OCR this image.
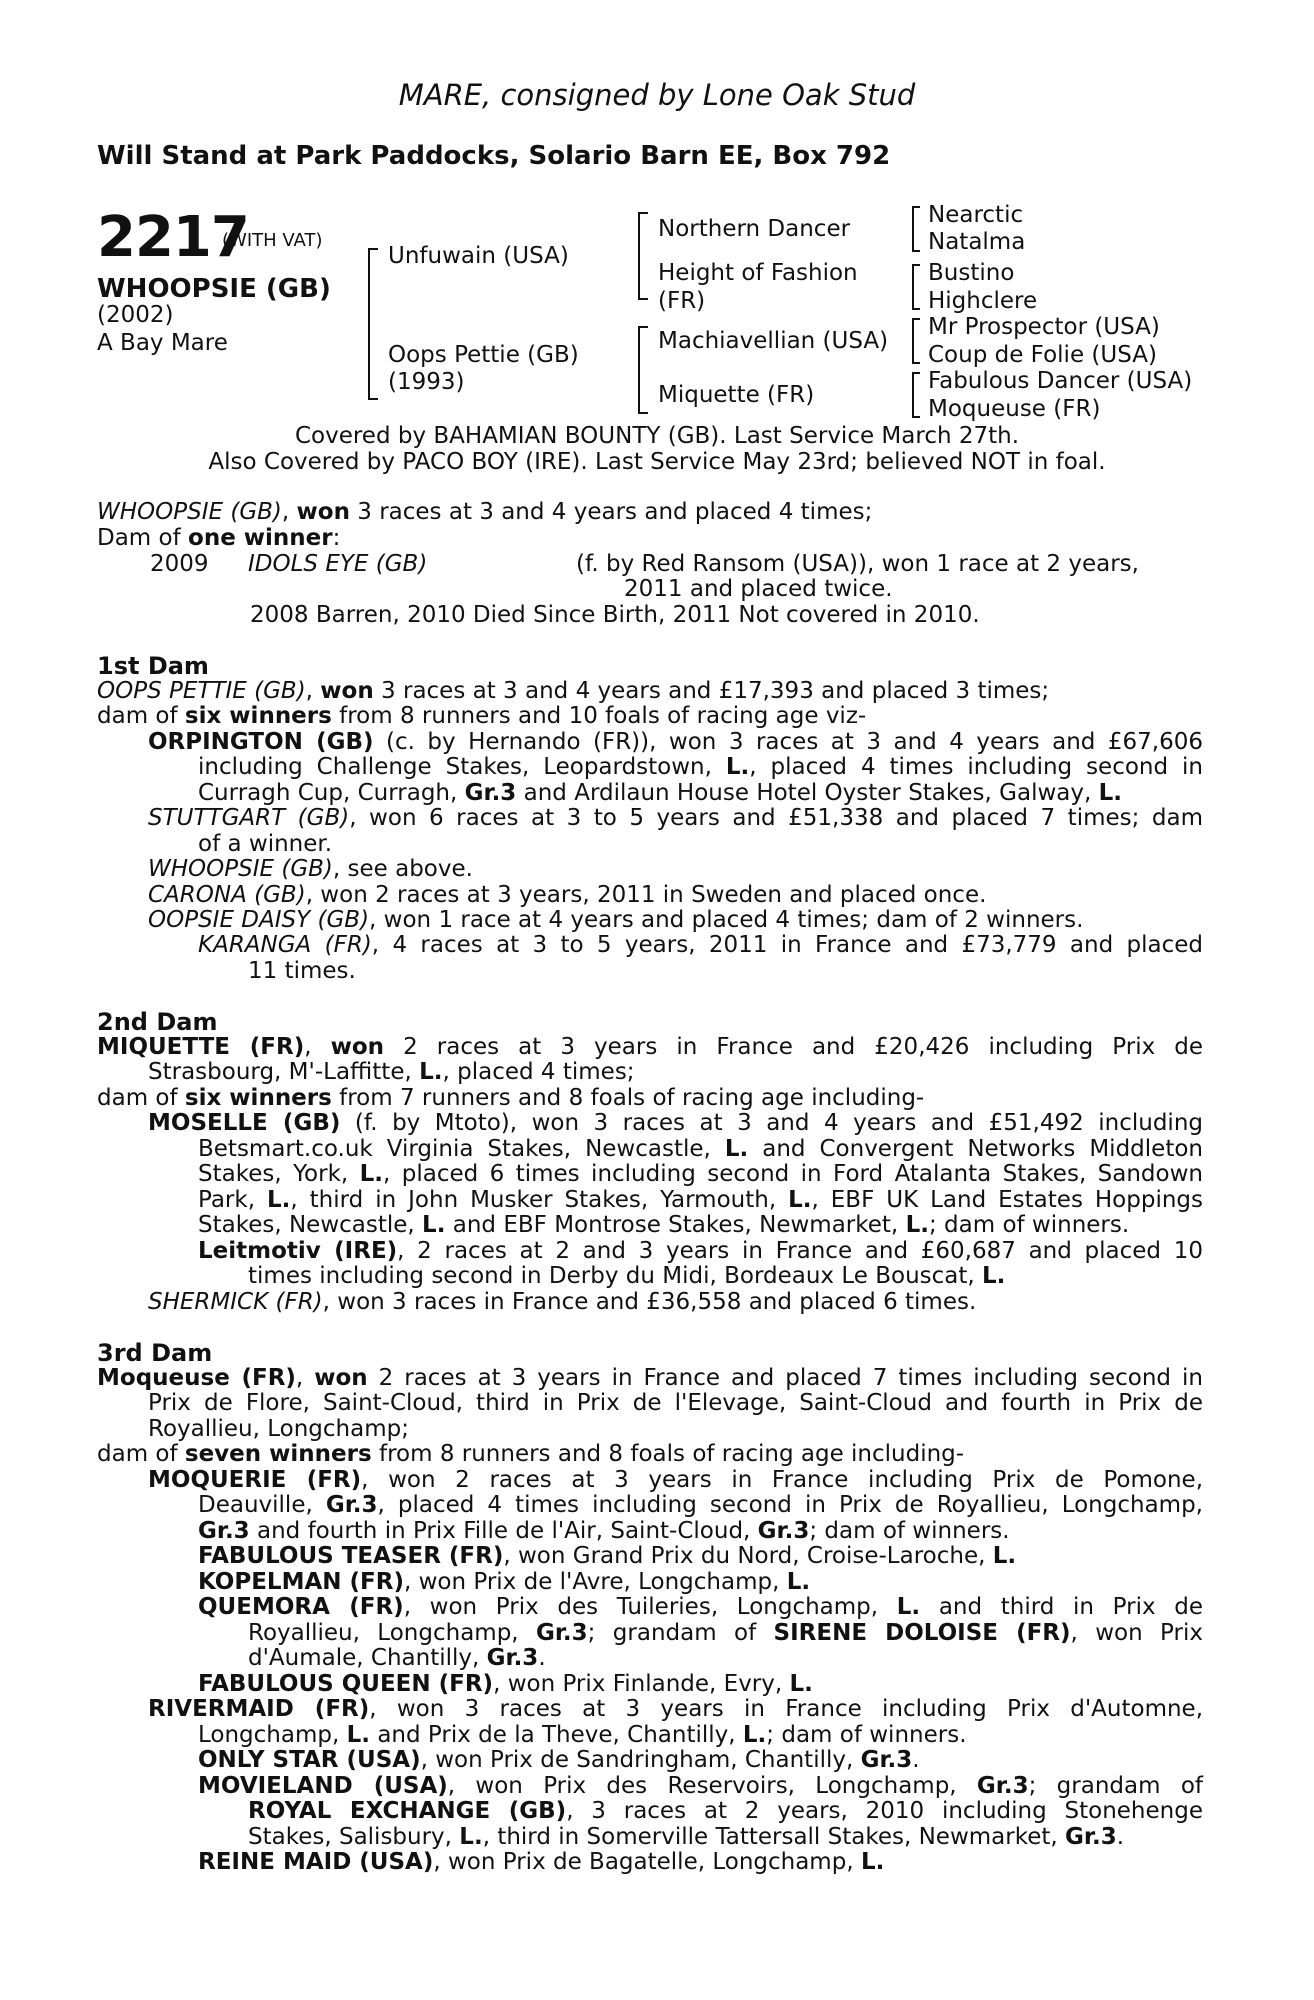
MARE, consigned by Lone Oak Stud
Will Stand at Park Paddocks, Solario Barn EE, Box 792
2217
(WITH VAT)
WHOOPSIE (GB)
(2002)
A Bay Mare
Unfuwain (USA)
Oops Pettie (GB)
(1993)
Northern Dancer
Height of Fashion
(FR)
Machiavellian (USA)
Miquette (FR)
Nearctic
Natalma
Bustino
Highclere
Mr Prospector (USA)
Coup de Folie (USA)
Fabulous Dancer (USA)
Moqueuse (FR)
Covered by BAHAMIAN BOUNTY (GB). Last Service March 27th.
Also Covered by PACO BOY (IRE). Last Service May 23rd; believed NOT in foal.
WHOOPSIE (GB), won 3 races at 3 and 4 years and placed 4 times;
Dam of one winner:
2009 IDOLS EYE (GB)	(f. by Red Ransom (USA)), won 1 race at 2 years,
2011 and placed twice.
2008 Barren, 2010 Died Since Birth, 2011 Not covered in 2010.
1st Dam
OOPS PETTIE (GB), won 3 races at 3 and 4 years and £17,393 and placed 3 times;
dam of six winners from 8 runners and 10 foals of racing age viz-
ORPINGTON (GB) (c. by Hernando (FR)), won 3 races at 3 and 4 years and £67,606
including Challenge Stakes, Leopardstown, L., placed 4 times including second in
Curragh Cup, Curragh, Gr.3 and Ardilaun House Hotel Oyster Stakes, Galway, L.
STUTTGART (GB), won 6 races at 3 to 5 years and £51,338 and placed 7 times; dam
of a winner.
WHOOPSIE (GB), see above.
CARONA (GB), won 2 races at 3 years, 2011 in Sweden and placed once.
OOPSIE DAISY (GB), won 1 race at 4 years and placed 4 times; dam of 2 winners.
KARANGA (FR), 4 races at 3 to 5 years, 2011 in France and £73,779 and placed
11 times.
2nd Dam
MIQUETTE (FR), won 2 races at 3 years in France and £20,426 including Prix de
Strasbourg, M'-Laffitte, L., placed 4 times;
dam of six winners from 7 runners and 8 foals of racing age including-
MOSELLE (GB) (f. by Mtoto), won 3 races at 3 and 4 years and £51,492 including
Betsmart.co.uk Virginia Stakes, Newcastle, L. and Convergent Networks Middleton
Stakes, York, L., placed 6 times including second in Ford Atalanta Stakes, Sandown
Park, L., third in John Musker Stakes, Yarmouth, L., EBF UK Land Estates Hoppings
Stakes, Newcastle, L. and EBF Montrose Stakes, Newmarket, L.; dam of winners.
Leitmotiv (IRE), 2 races at 2 and 3 years in France and £60,687 and placed 10
times including second in Derby du Midi, Bordeaux Le Bouscat, L.
SHERMICK (FR), won 3 races in France and £36,558 and placed 6 times.
3rd Dam
Moqueuse (FR), won 2 races at 3 years in France and placed 7 times including second in
Prix de Flore, Saint-Cloud, third in Prix de l'Elevage, Saint-Cloud and fourth in Prix de
Royallieu, Longchamp;
dam of seven winners from 8 runners and 8 foals of racing age including-
MOQUERIE (FR), won 2 races at 3 years in France including Prix de Pomone,
Deauville, Gr.3, placed 4 times including second in Prix de Royallieu, Longchamp,
Gr.3 and fourth in Prix Fille de l'Air, Saint-Cloud, Gr.3; dam of winners.
FABULOUS TEASER (FR), won Grand Prix du Nord, Croise-Laroche, L.
KOPELMAN (FR), won Prix de l'Avre, Longchamp, L.
QUEMORA (FR), won Prix des Tuileries, Longchamp, L. and third in Prix de
Royallieu, Longchamp, Gr.3; grandam of SIRENE DOLOISE (FR), won Prix
d'Aumale, Chantilly, Gr.3.
FABULOUS QUEEN (FR), won Prix Finlande, Evry, L.
RIVERMAID (FR), won 3 races at 3 years in France including Prix d'Automne,
Longchamp, L. and Prix de la Theve, Chantilly, L.; dam of winners.
ONLY STAR (USA), won Prix de Sandringham, Chantilly, Gr.3.
MOVIELAND (USA), won Prix des Reservoirs, Longchamp, Gr.3; grandam of
ROYAL EXCHANGE (GB), 3 races at 2 years, 2010 including Stonehenge
Stakes, Salisbury, L., third in Somerville Tattersall Stakes, Newmarket, Gr.3.
REINE MAID (USA), won Prix de Bagatelle, Longchamp, L.
